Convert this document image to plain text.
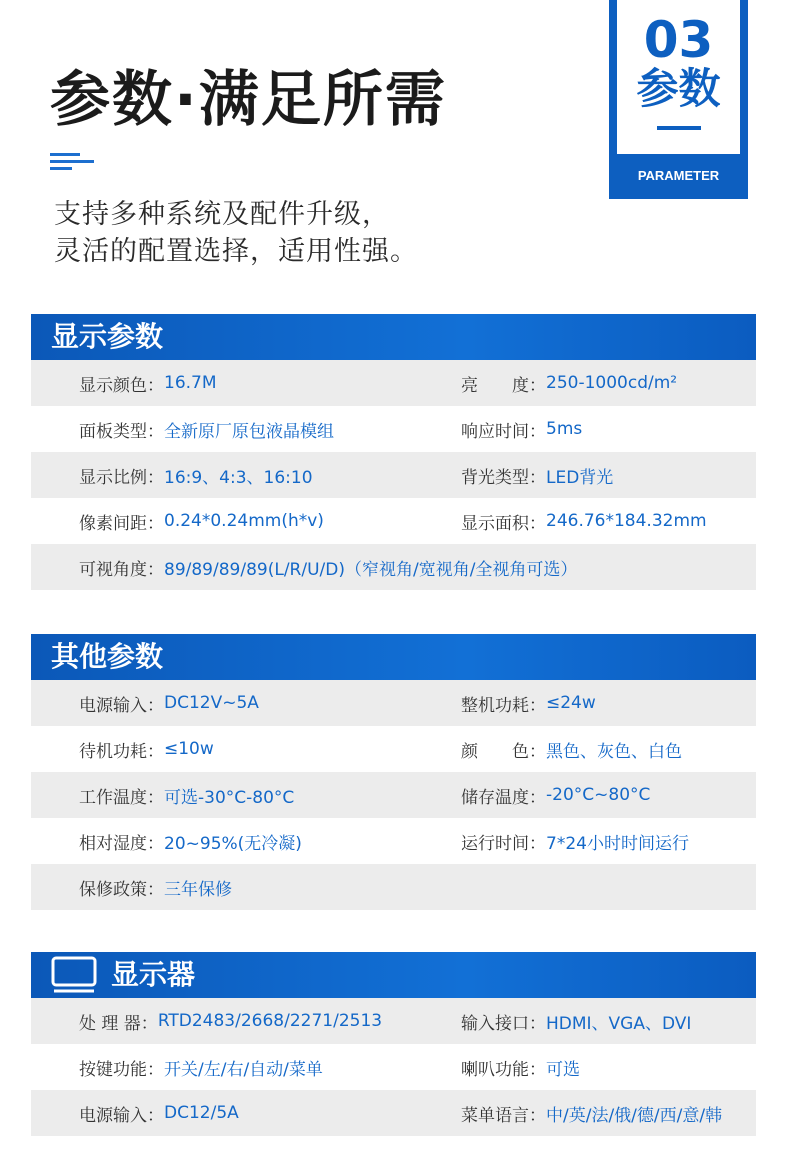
参数·满足所需
支持多种系统及配件升级，
灵活的配置选择，适用性强。
03
参数
PARAMETER
显示参数
显示颜色： 16.7M	亮　　度： 250-1000cd/m²
面板类型： 全新原厂原包液晶模组	响应时间： 5ms
显示比例： 16:9、4:3、16:10	背光类型： LED背光
像素间距： 0.24*0.24mm(h*v)	显示面积： 246.76*184.32mm
可视角度： 89/89/89/89(L/R/U/D)（窄视角/宽视角/全视角可选）
其他参数
电源输入： DC12V~5A	整机功耗： ≤24w
待机功耗： ≤10w	颜　　色： 黑色、灰色、白色
工作温度： 可选-30°C-80°C	储存温度： -20°C~80°C
相对湿度： 20~95%(无冷凝)	运行时间： 7*24小时时间运行
保修政策： 三年保修
显示器
处 理 器： RTD2483/2668/2271/2513	输入接口： HDMI、VGA、DVI
按键功能： 开关/左/右/自动/菜单	喇叭功能： 可选
电源输入： DC12/5A	菜单语言： 中/英/法/俄/德/西/意/韩
